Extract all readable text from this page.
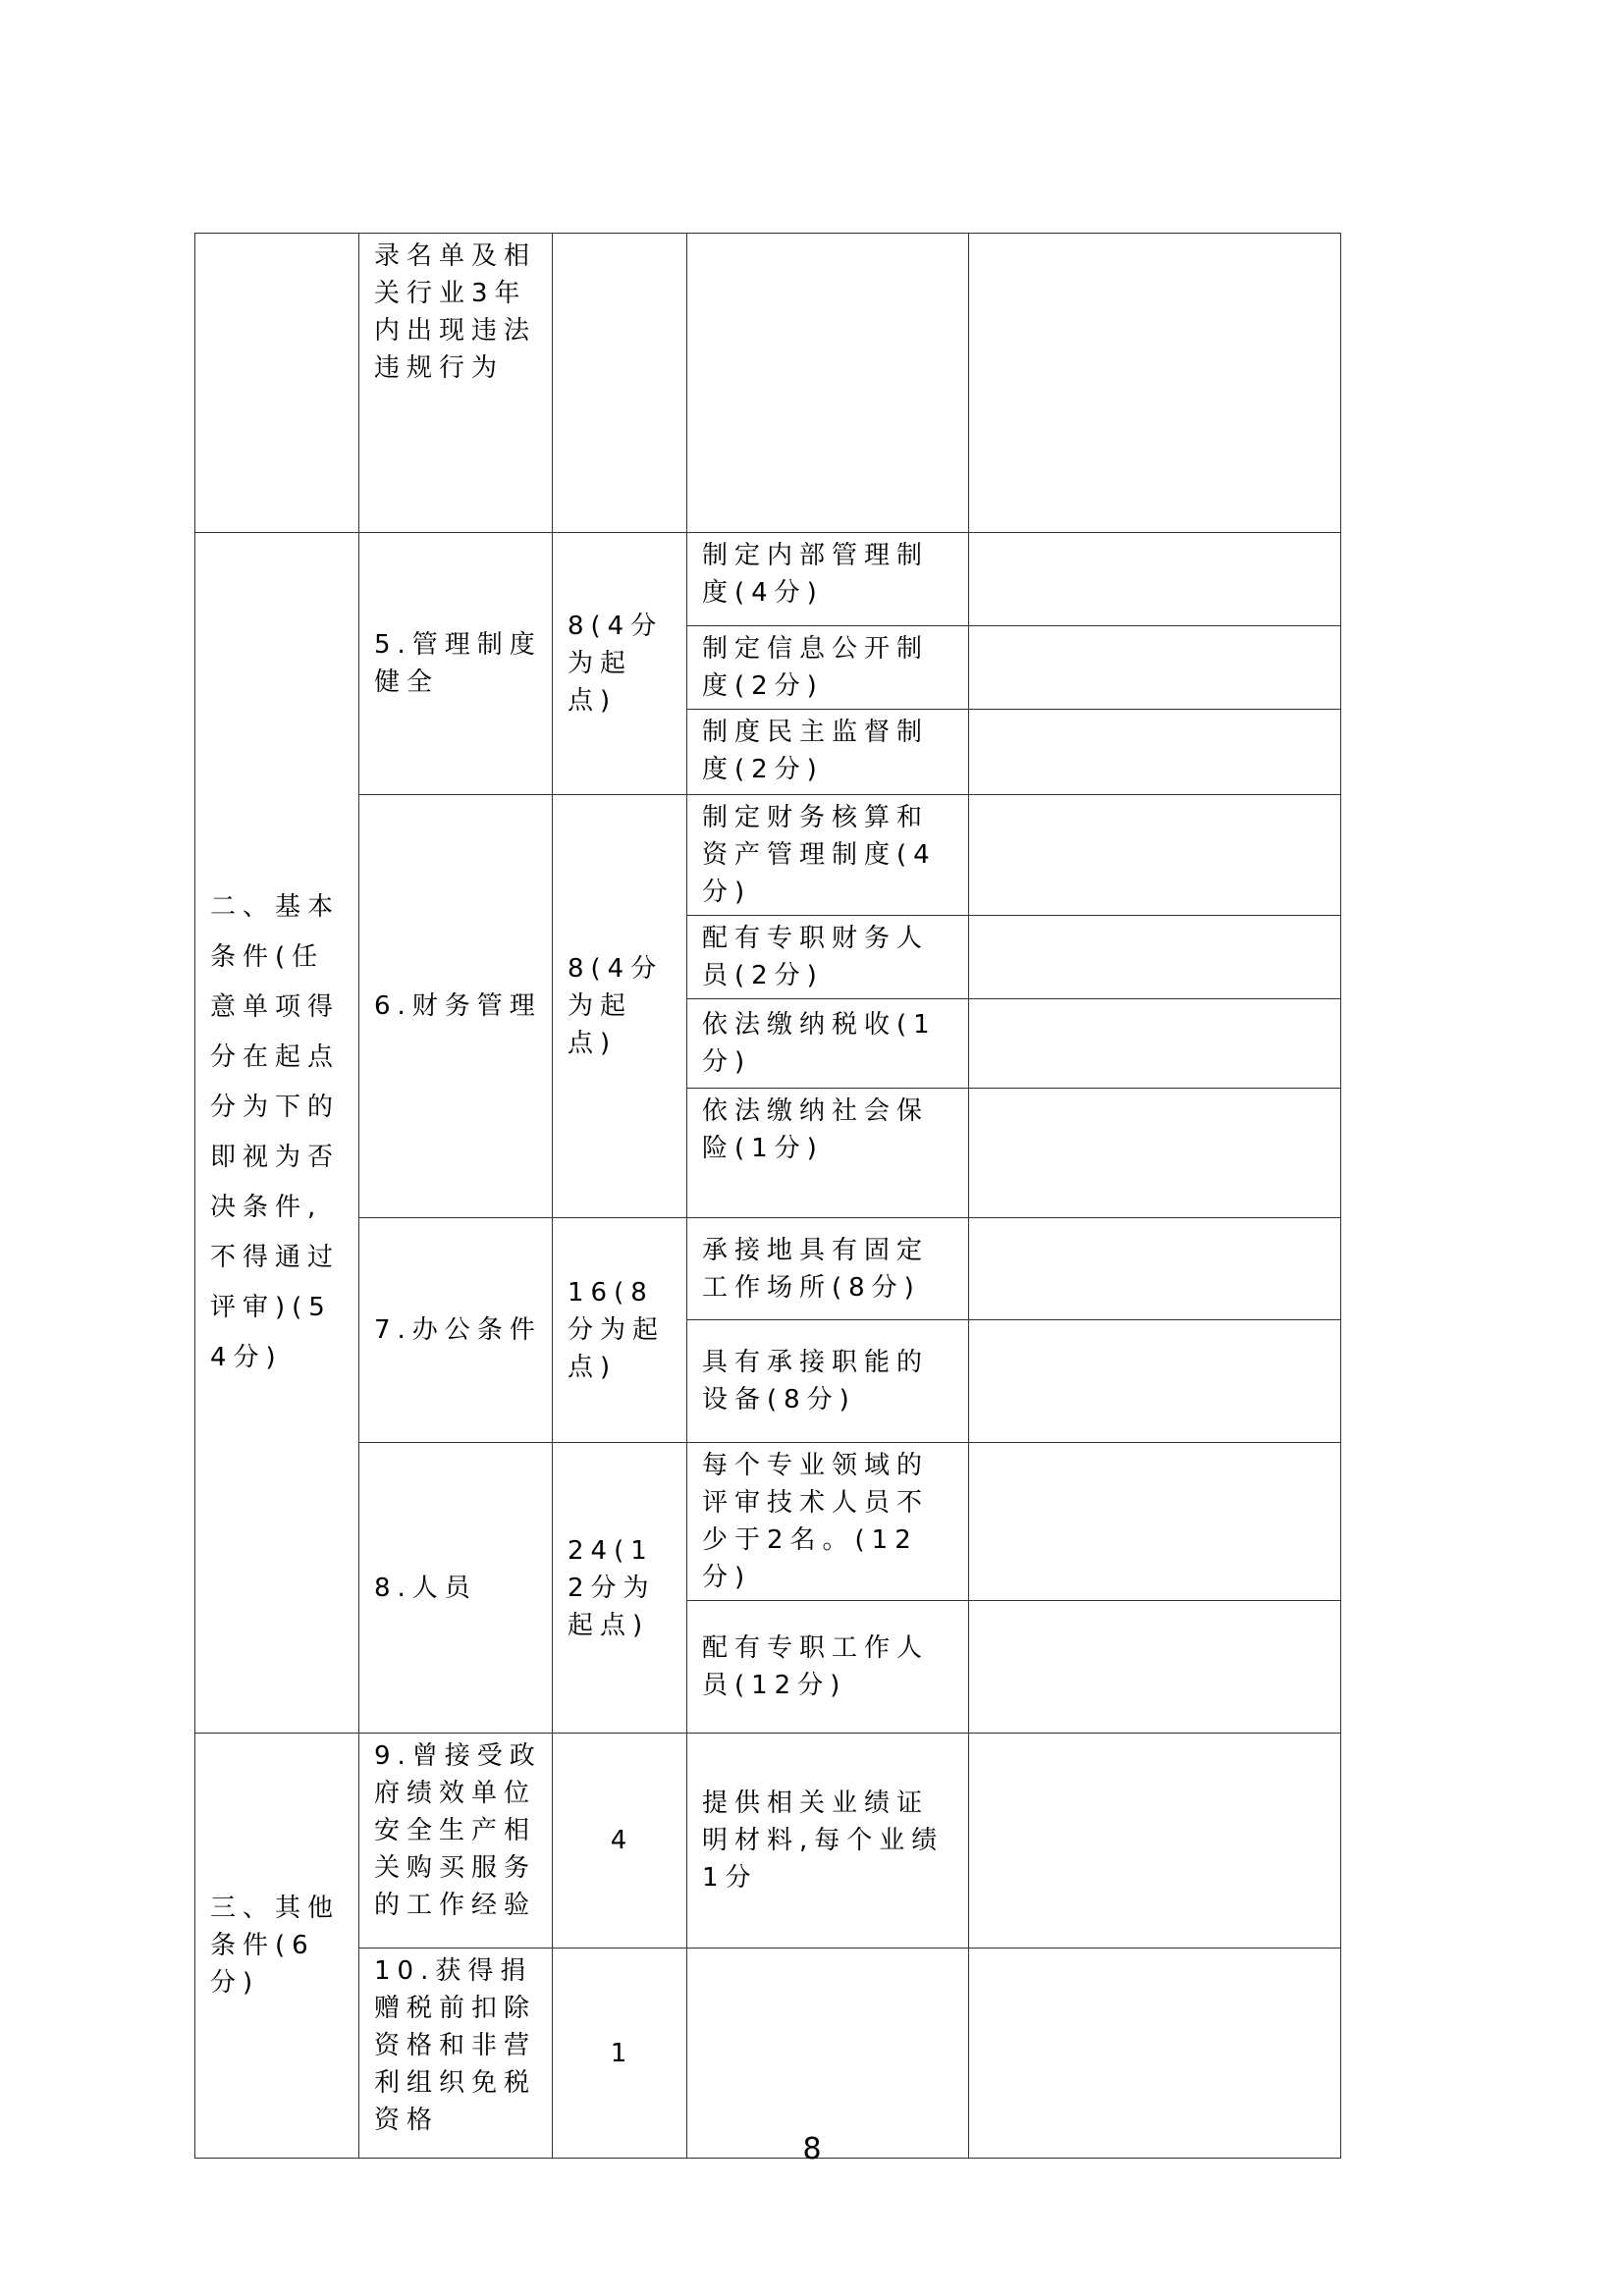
	录名单及相关行业3年内出现违法违规行为			
二、基本条件(任意单项得分在起点分为下的即视为否决条件,不得通过评审)(54分)	5.管理制度健全	8(4分为起点)	制定内部管理制度(4分)	
			制定信息公开制度(2分)	
			制度民主监督制度(2分)	
	6.财务管理	8(4分为起点)	制定财务核算和资产管理制度(4分)	
			配有专职财务人员(2分)	
			依法缴纳税收(1分)	
			依法缴纳社会保险(1分)	
	7.办公条件	16(8分为起点)	承接地具有固定工作场所(8分)	
			具有承接职能的设备(8分)	
	8.人员	24(12分为起点)	每个专业领域的评审技术人员不少于2名。(12分)	
			配有专职工作人员(12分)	
三、其他条件(6分)	9.曾接受政府绩效单位安全生产相关购买服务的工作经验	4	提供相关业绩证明材料,每个业绩1分	
	10.获得捐赠税前扣除资格和非营利组织免税资格	1		
8
